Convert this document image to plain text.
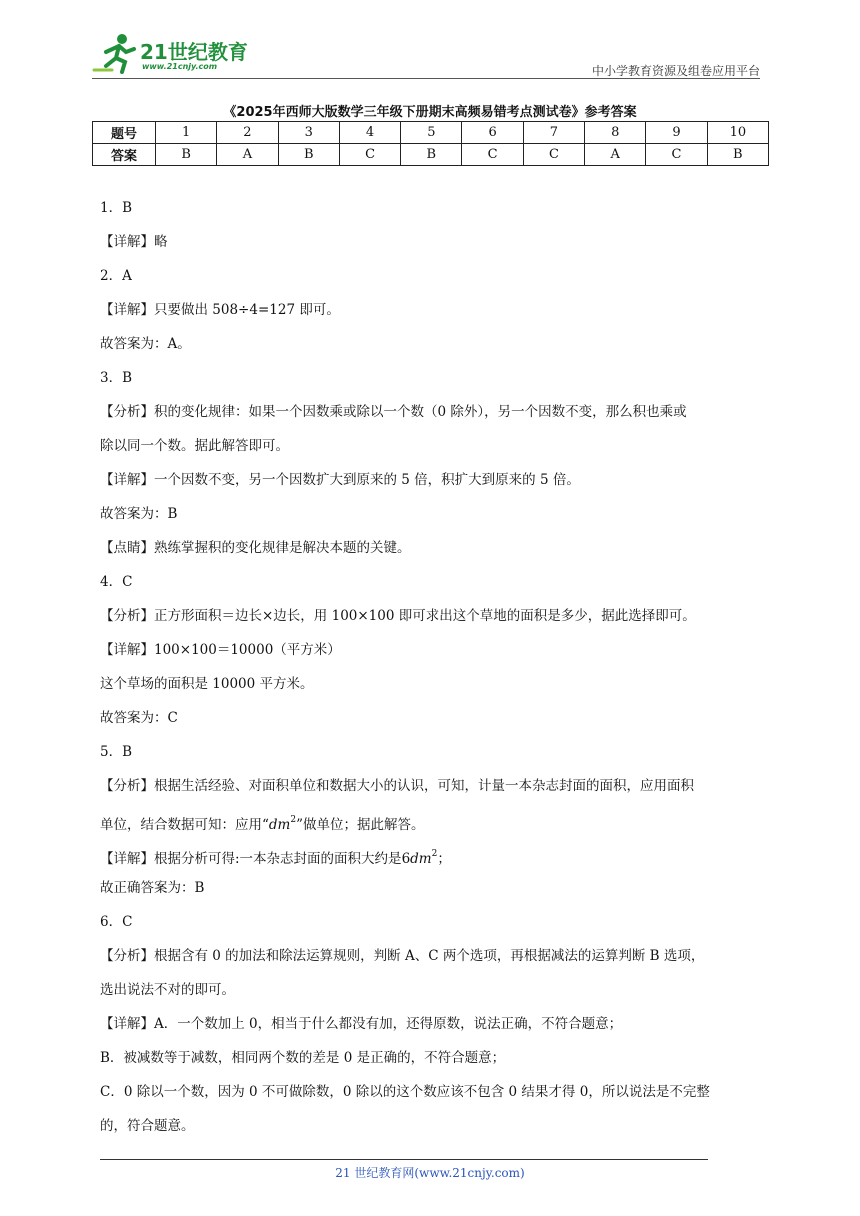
21世纪教育
www.21cnjy.com	中小学教育资源及组卷应用平台
《2025年西师大版数学三年级下册期末高频易错考点测试卷》参考答案
题号	1	2	3	4	5	6	7	8	9	10
答案	B	A	B	C	B	C	C	A	C	B
1．B
【详解】略
2．A
【详解】只要做出 508÷4=127 即可。
故答案为：A。
3．B
【分析】积的变化规律：如果一个因数乘或除以一个数（0 除外），另一个因数不变，那么积也乘或
除以同一个数。据此解答即可。
【详解】一个因数不变，另一个因数扩大到原来的 5 倍，积扩大到原来的 5 倍。
故答案为：B
【点睛】熟练掌握积的变化规律是解决本题的关键。
4．C
【分析】正方形面积＝边长×边长，用 100×100 即可求出这个草地的面积是多少，据此选择即可。
【详解】100×100＝10000（平方米）
这个草场的面积是 10000 平方米。
故答案为：C
5．B
【分析】根据生活经验、对面积单位和数据大小的认识，可知，计量一本杂志封面的面积，应用面积
单位，结合数据可知：应用“$dm^2$”做单位；据此解答。
【详解】根据分析可得:一本杂志封面的面积大约是$6dm^2$；
故正确答案为：B
6．C
【分析】根据含有 0 的加法和除法运算规则，判断 A、C 两个选项，再根据减法的运算判断 B 选项，
选出说法不对的即可。
【详解】A．一个数加上 0，相当于什么都没有加，还得原数，说法正确，不符合题意；
B．被减数等于减数，相同两个数的差是 0 是正确的，不符合题意；
C．0 除以一个数，因为 0 不可做除数，0 除以的这个数应该不包含 0 结果才得 0，所以说法是不完整
的，符合题意。
21 世纪教育网(www.21cnjy.com)
